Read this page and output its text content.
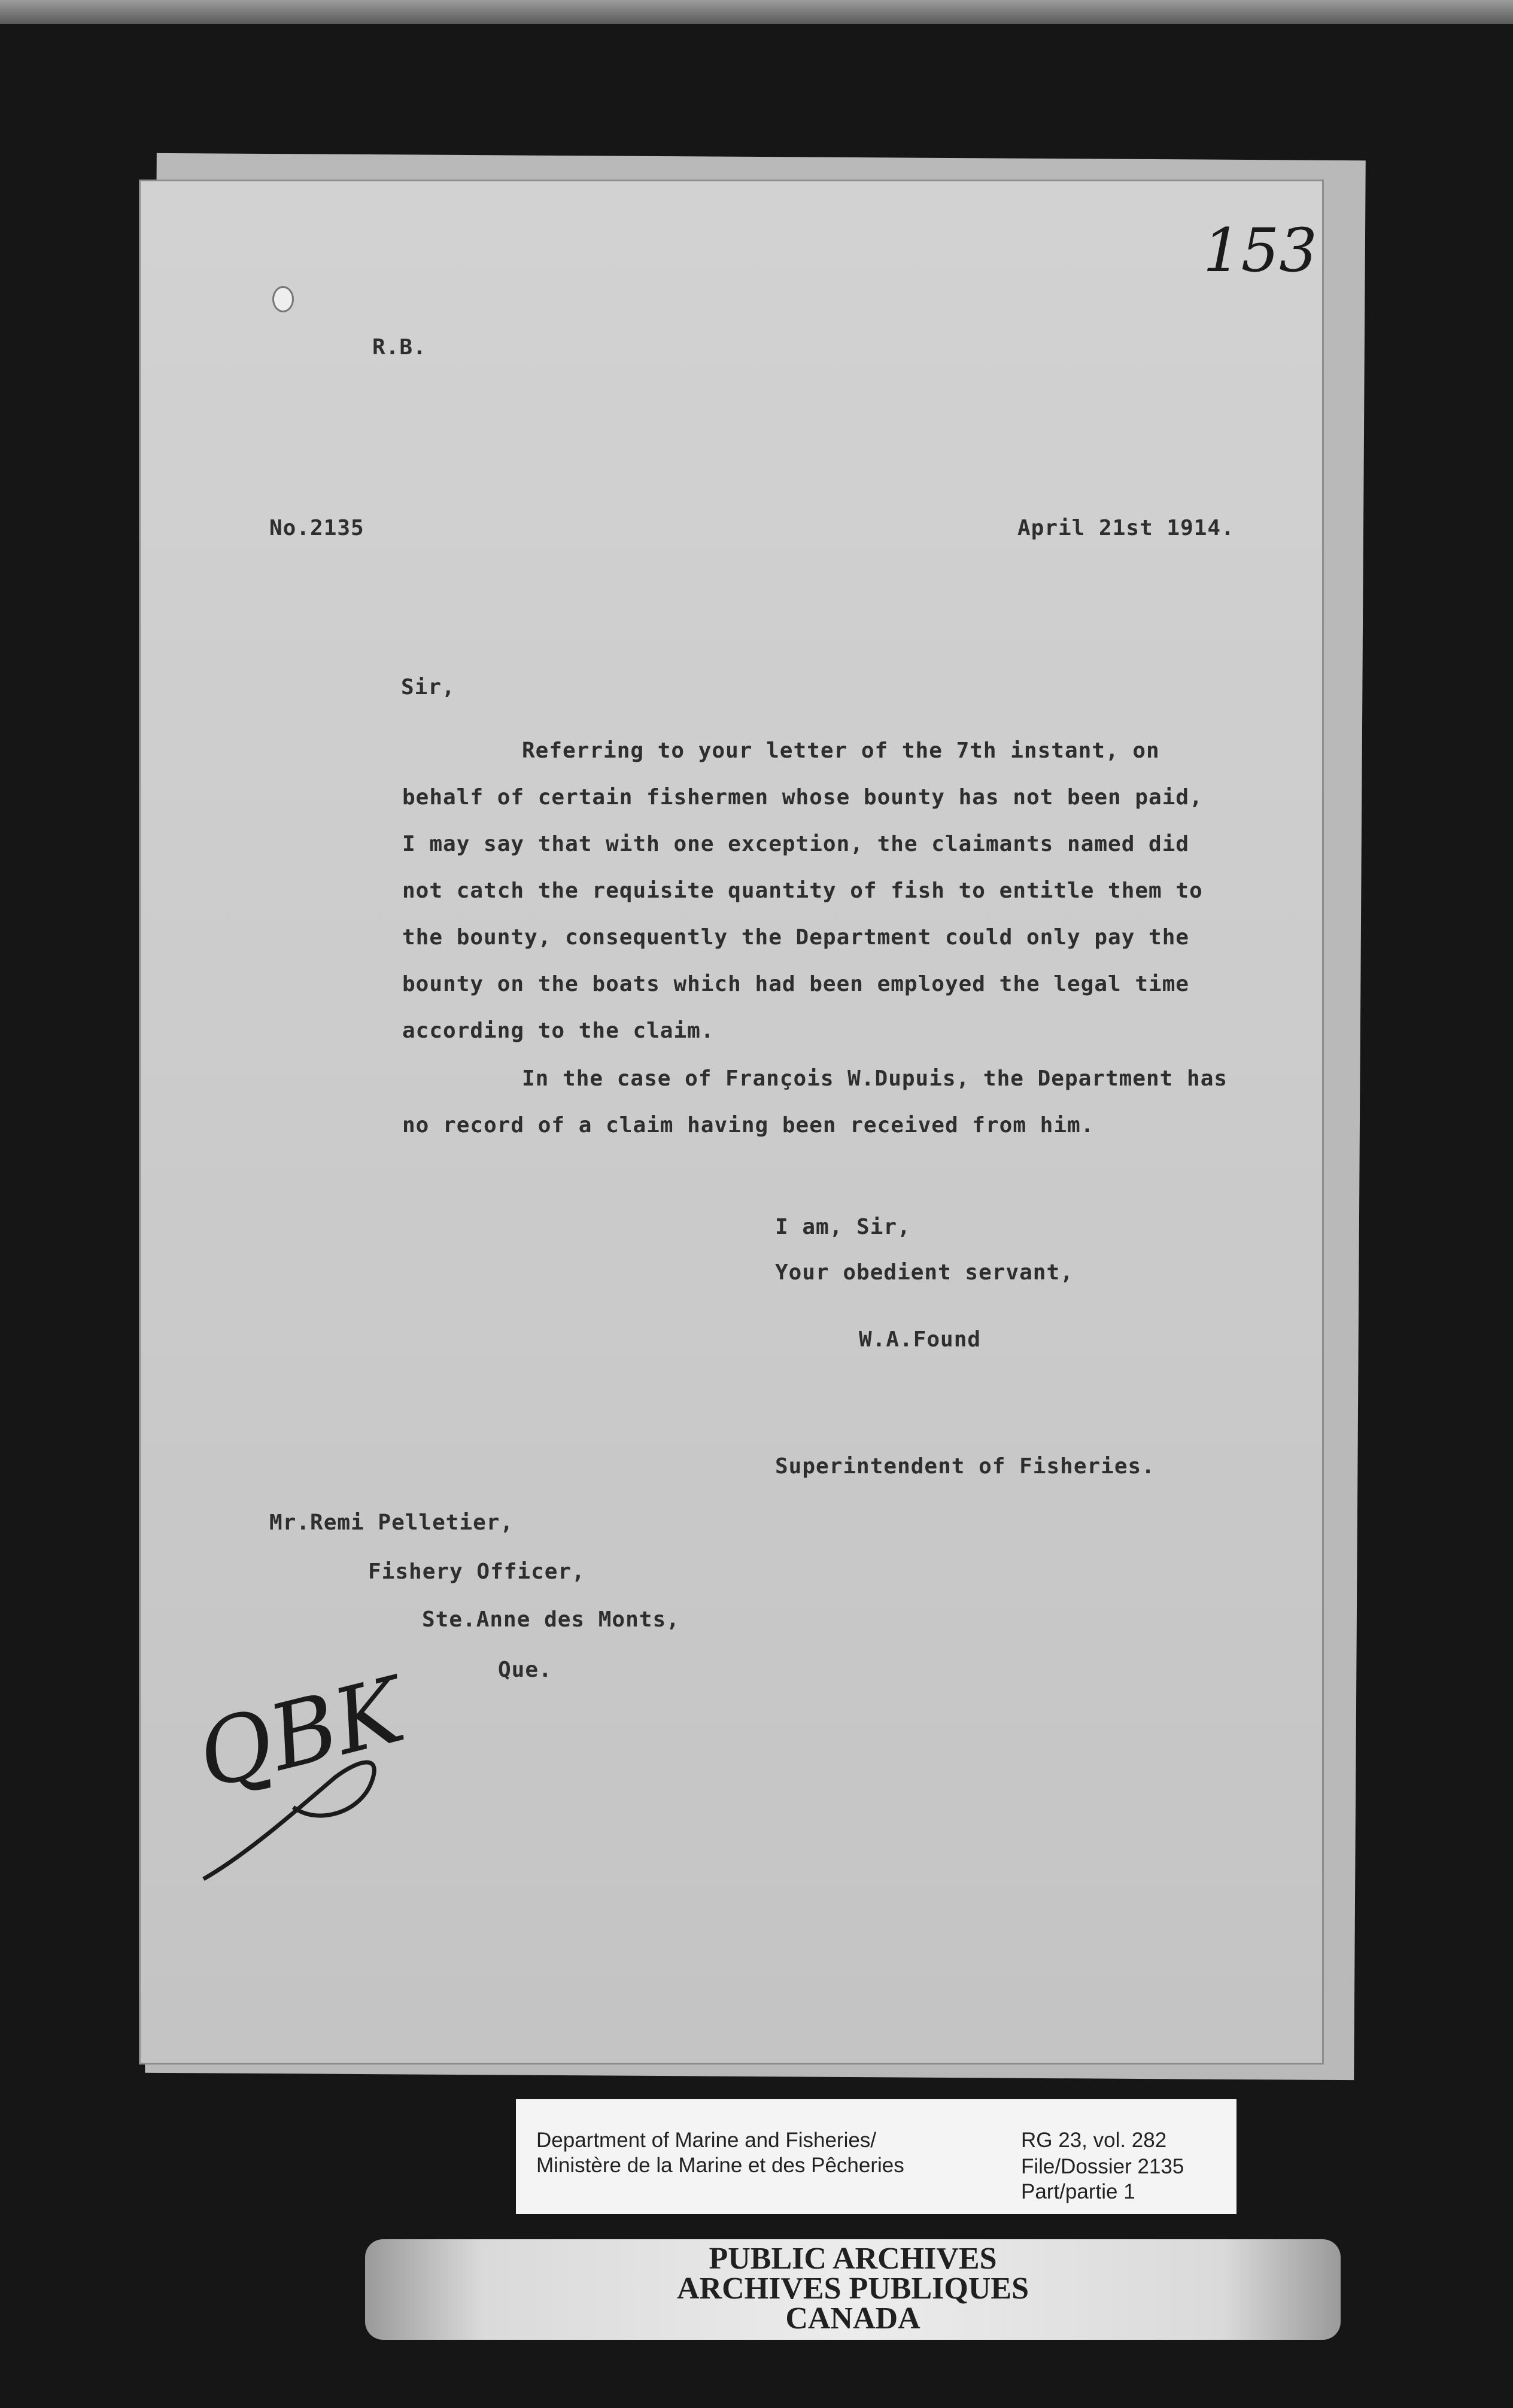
153
R.B.
No.2135	April 21st 1914.
Sir,
Referring to your letter of the 7th instant, on
behalf of certain fishermen whose bounty has not been paid,
I may say that with one exception, the claimants named did
not catch the requisite quantity of fish to entitle them to
the bounty, consequently the Department could only pay the
bounty on the boats which had been employed the legal time
according to the claim.
In the case of François W.Dupuis, the Department has
no record of a claim having been received from him.
I am, Sir,
Your obedient servant,
W.A.Found
Superintendent of Fisheries.
Mr.Remi Pelletier,
Fishery Officer,
Ste.Anne des Monts,
Que.
QBK
Department of Marine and Fisheries/
Ministère de la Marine et des Pêcheries
RG 23, vol. 282
File/Dossier 2135
Part/partie 1

PUBLIC ARCHIVES

ARCHIVES PUBLIQUES

CANADA
